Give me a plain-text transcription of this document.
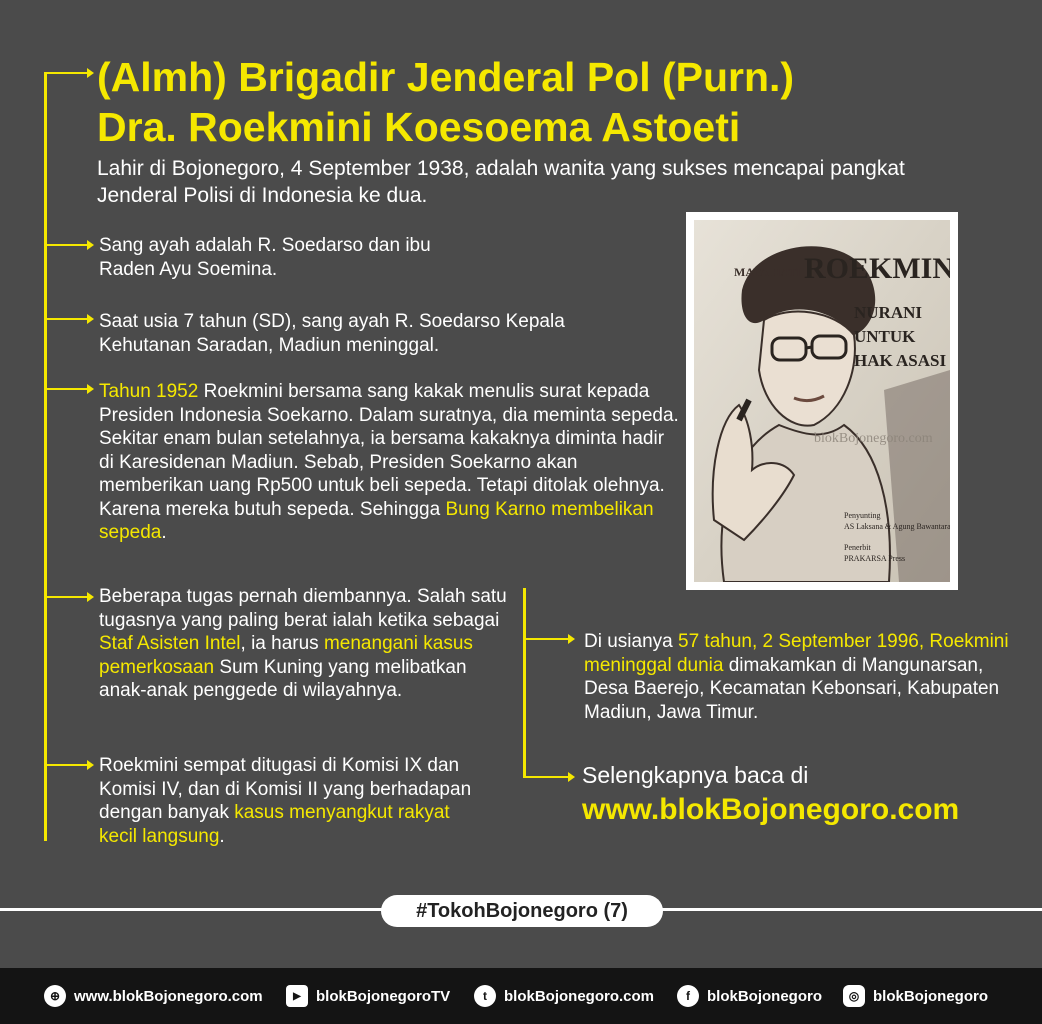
(Almh) Brigadir Jenderal Pol (Purn.)
Dra. Roekmini Koesoema Astoeti
Lahir di Bojonegoro, 4 September 1938, adalah wanita yang sukses mencapai pangkat Jenderal Polisi di Indonesia ke dua.
Sang ayah adalah R. Soedarso dan ibu Raden Ayu Soemina.
Saat usia 7 tahun (SD), sang ayah R. Soedarso Kepala Kehutanan Saradan, Madiun meninggal.
Tahun 1952 Roekmini bersama sang kakak menulis surat kepada Presiden Indonesia Soekarno. Dalam suratnya, dia meminta sepeda. Sekitar enam bulan setelahnya, ia bersama kakaknya diminta hadir di Karesidenan Madiun. Sebab, Presiden Soekarno akan memberikan uang Rp500 untuk beli sepeda. Tetapi ditolak olehnya. Karena mereka butuh sepeda. Sehingga Bung Karno membelikan sepeda.
Beberapa tugas pernah diembannya. Salah satu tugasnya yang paling berat ialah ketika sebagai Staf Asisten Intel, ia harus menangani kasus pemerkosaan Sum Kuning yang melibatkan anak-anak penggede di wilayahnya.
Roekmini sempat ditugasi di Komisi IX dan Komisi IV, dan di Komisi II yang berhadapan dengan banyak kasus menyangkut rakyat kecil langsung.
Di usianya 57 tahun, 2 September 1996, Roekmini meninggal dunia dimakamkan di Mangunarsan, Desa Baerejo, Kecamatan Kebonsari, Kabupaten Madiun, Jawa Timur.
MATA HATI ROEKMINI
NURANI
UNTUK
HAK ASASI
blokBojonegoro.com
Penyunting
AS Laksana & Agung Bawantara
Penerbit
PRAKARSA Press
Selengkapnya baca di
www.blokBojonegoro.com
#TokohBojonegoro (7)
⊕ www.blokBojonegoro.com	▶	blokBojonegoroTV	t	blokBojonegoro.com	f	blokBojonegoro	◎ blokBojonegoro
